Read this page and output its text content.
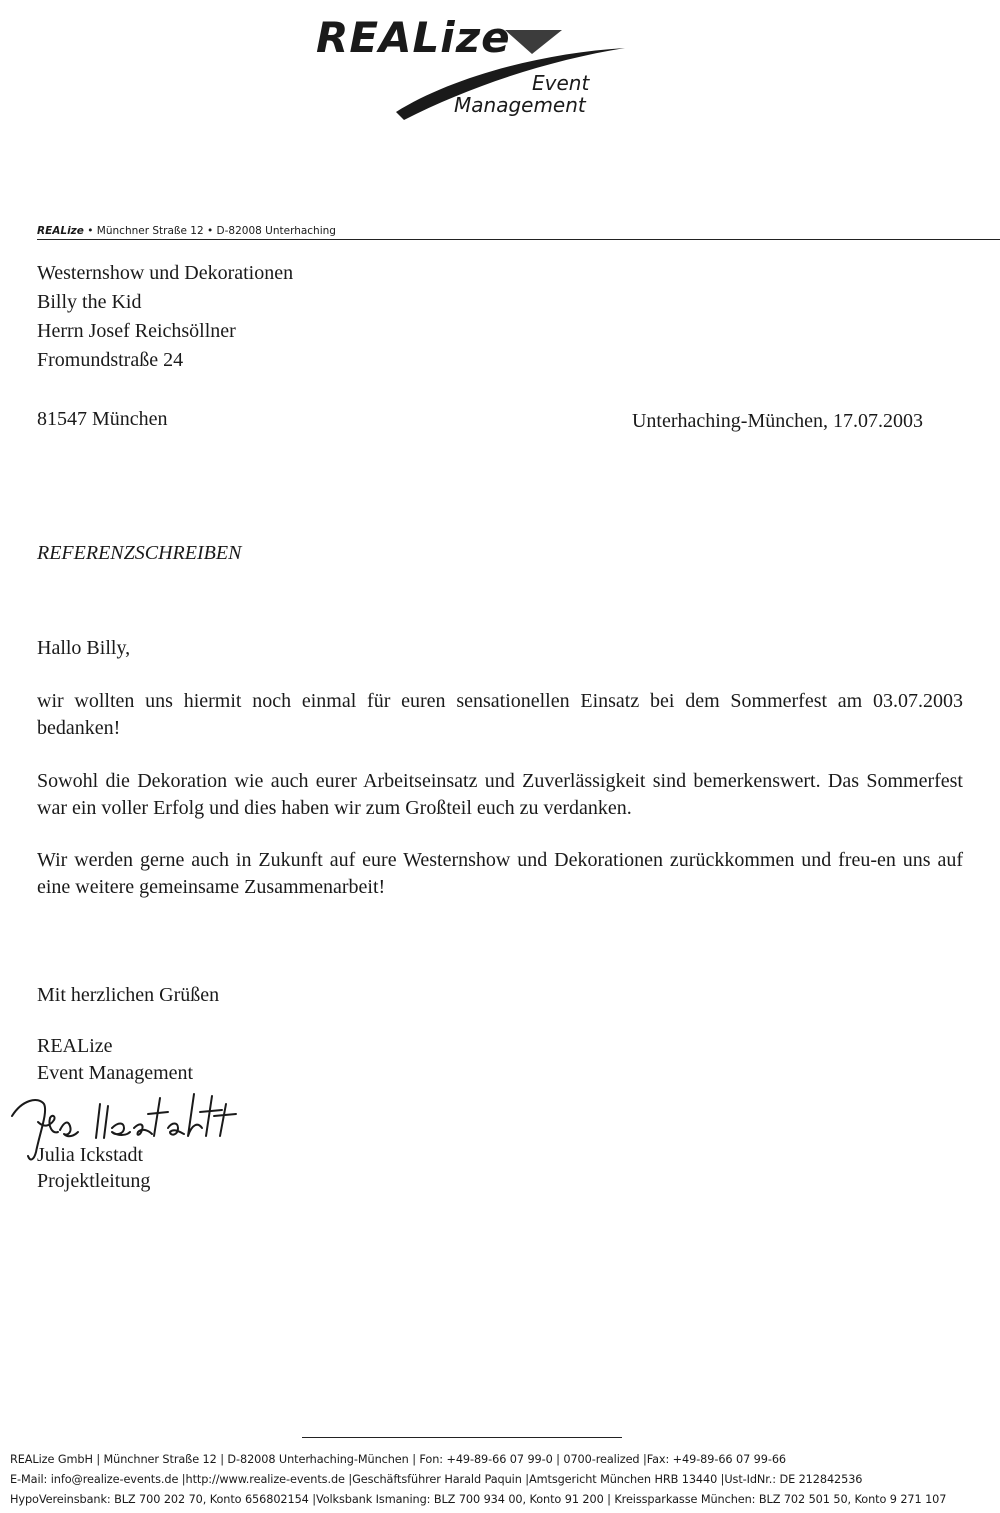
REALize
Event
Management
REALize • Münchner Straße 12 • D-82008 Unterhaching
Westernshow und Dekorationen
Billy the Kid
Herrn Josef Reichsöllner
Fromundstraße 24
81547 München	Unterhaching-München, 17.07.2003
REFERENZSCHREIBEN
Hallo Billy,
wir wollten uns hiermit noch einmal für euren sensationellen Einsatz bei dem Sommerfest am 03.07.2003 bedanken!
Sowohl die Dekoration wie auch eurer Arbeitseinsatz und Zuverlässigkeit sind bemerkenswert. Das Sommerfest war ein voller Erfolg und dies haben wir zum Großteil euch zu verdanken.
Wir werden gerne auch in Zukunft auf eure Westernshow und Dekorationen zurückkommen und freu-en uns auf eine weitere gemeinsame Zusammenarbeit!
Mit herzlichen Grüßen
REALize
Event Management
Julia Ickstadt
Julia Ickstadt
Projektleitung
REALize GmbH | Münchner Straße 12 | D-82008 Unterhaching-München | Fon: +49-89-66 07 99-0 | 0700-realized |Fax: +49-89-66 07 99-66
E-Mail: info@realize-events.de |http://www.realize-events.de |Geschäftsführer Harald Paquin |Amtsgericht München HRB 13440 |Ust-IdNr.: DE 212842536
HypoVereinsbank: BLZ 700 202 70, Konto 656802154 |Volksbank Ismaning: BLZ 700 934 00, Konto 91 200 | Kreissparkasse München: BLZ 702 501 50, Konto 9 271 107
